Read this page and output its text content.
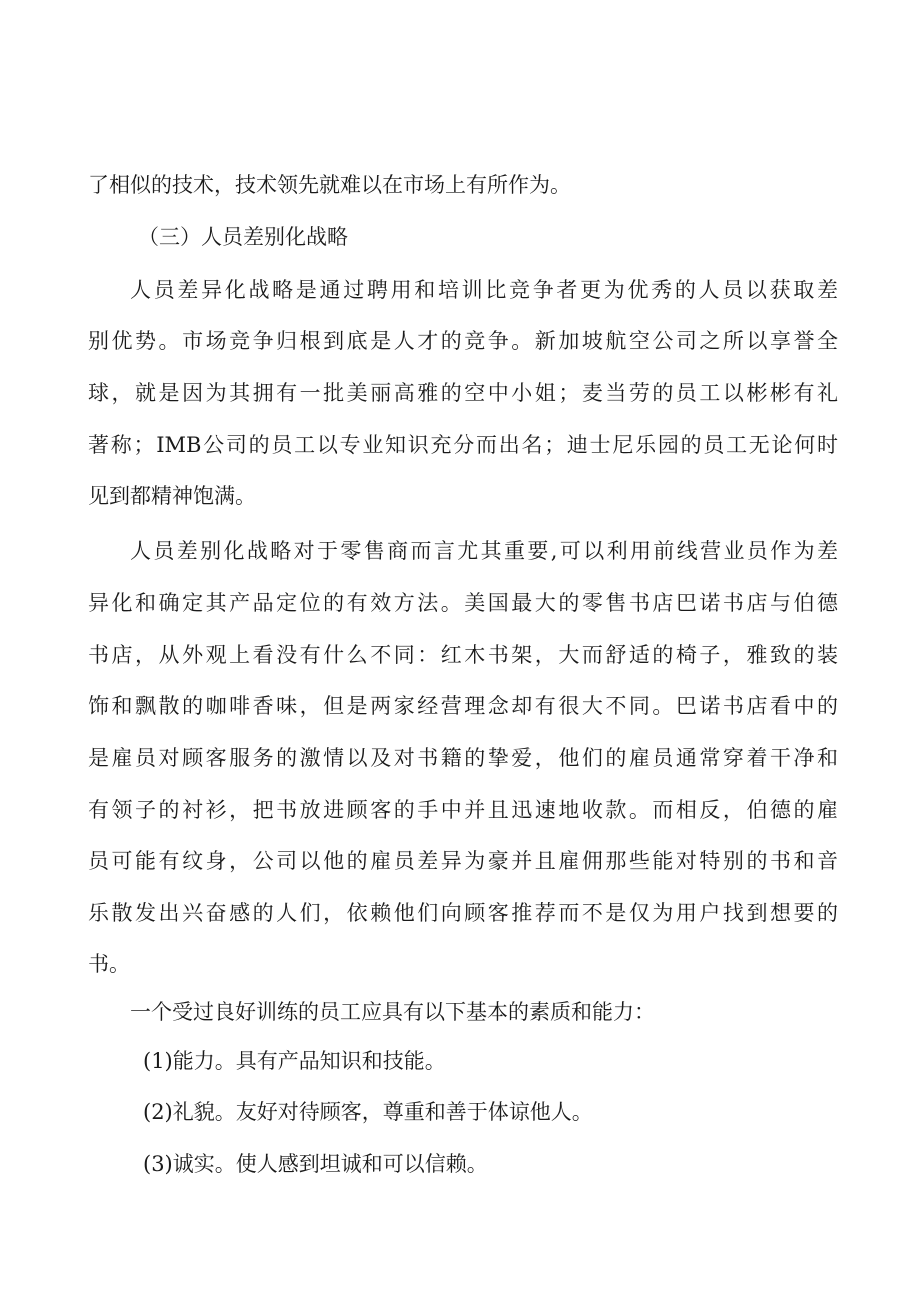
了相似的技术，技术领先就难以在市场上有所作为。
（三）人员差别化战略
人 员 差 异 化 战 略 是 通 过 聘 用 和 培 训 比 竞 争 者 更 为 优 秀 的 人 员 以 获 取 差
别 优 势 。 市 场 竞 争 归 根 到 底 是 人 才 的 竞 争 。 新 加 坡 航 空 公 司 之 所 以 享 誉 全
球 ， 就 是 因 为 其 拥 有 一 批 美 丽 高 雅 的 空 中 小 姐 ； 麦 当 劳 的 员 工 以 彬 彬 有 礼
著 称 ； IMB 公 司 的 员 工 以 专 业 知 识 充 分 而 出 名 ； 迪 士 尼 乐 园 的 员 工 无 论 何 时
见到都精神饱满。
人 员 差 别 化 战 略 对 于 零 售 商 而 言 尤 其 重 要 , 可 以 利 用 前 线 营 业 员 作 为 差
异 化 和 确 定 其 产 品 定 位 的 有 效 方 法 。 美 国 最 大 的 零 售 书 店 巴 诺 书 店 与 伯 德
书 店 ， 从 外 观 上 看 没 有 什 么 不 同 ： 红 木 书 架 ， 大 而 舒 适 的 椅 子 ， 雅 致 的 装
饰 和 飘 散 的 咖 啡 香 味 ， 但 是 两 家 经 营 理 念 却 有 很 大 不 同 。 巴 诺 书 店 看 中 的
是 雇 员 对 顾 客 服 务 的 激 情 以 及 对 书 籍 的 挚 爱 ， 他 们 的 雇 员 通 常 穿 着 干 净 和
有 领 子 的 衬 衫 ， 把 书 放 进 顾 客 的 手 中 并 且 迅 速 地 收 款 。 而 相 反 ， 伯 德 的 雇
员 可 能 有 纹 身 ， 公 司 以 他 的 雇 员 差 异 为 豪 并 且 雇 佣 那 些 能 对 特 别 的 书 和 音
乐 散 发 出 兴 奋 感 的 人 们 ， 依 赖 他 们 向 顾 客 推 荐 而 不 是 仅 为 用 户 找 到 想 要 的
书。
一个受过良好训练的员工应具有以下基本的素质和能力：
(1)能力。具有产品知识和技能。
(2)礼貌。友好对待顾客，尊重和善于体谅他人。
(3)诚实。使人感到坦诚和可以信赖。
